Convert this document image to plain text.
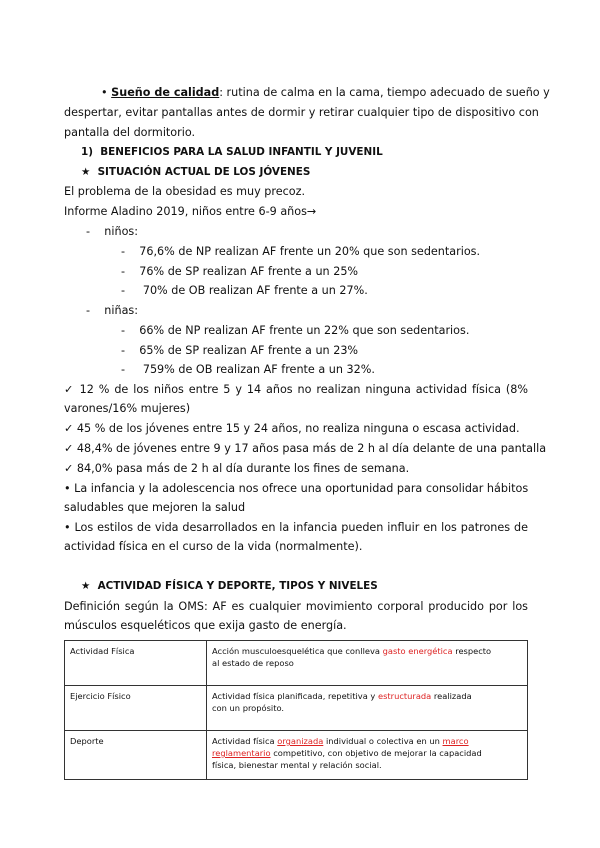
• Sueño de calidad: rutina de calma en la cama, tiempo adecuado de sueño y
despertar, evitar pantallas antes de dormir y retirar cualquier tipo de dispositivo con
pantalla del dormitorio.
1) BENEFICIOS PARA LA SALUD INFANTIL Y JUVENIL
★ SITUACIÓN ACTUAL DE LOS JÓVENES
El problema de la obesidad es muy precoz.
Informe Aladino 2019, niños entre 6-9 años→
- niños:
-    76,6% de NP realizan AF frente un 20% que son sedentarios.
-    76% de SP realizan AF frente a un 25%
-     70% de OB realizan AF frente a un 27%.
- niñas:
-    66% de NP realizan AF frente un 22% que son sedentarios.
-    65% de SP realizan AF frente a un 23%
-     759% de OB realizan AF frente a un 32%.
✓ 12 % de los niños entre 5 y 14 años no realizan ninguna actividad física (8%
varones/16% mujeres)
✓ 45 % de los jóvenes entre 15 y 24 años, no realiza ninguna o escasa actividad.
✓ 48,4% de jóvenes entre 9 y 17 años pasa más de 2 h al día delante de una pantalla
✓ 84,0% pasa más de 2 h al día durante los fines de semana.
• La infancia y la adolescencia nos ofrece una oportunidad para consolidar hábitos
saludables que mejoren la salud
• Los estilos de vida desarrollados en la infancia pueden influir en los patrones de
actividad física en el curso de la vida (normalmente).
★ ACTIVIDAD FÍSICA Y DEPORTE, TIPOS Y NIVELES
Definición según la OMS: AF es cualquier movimiento corporal producido por los
músculos esqueléticos que exija gasto de energía.
Actividad Física	Acción musculoesquelética que conlleva gasto energética respecto
al estado de reposo
Ejercicio Físico	Actividad física planificada, repetitiva y estructurada realizada
con un propósito.
Deporte	Actividad física organizada individual o colectiva en un marco
reglamentario competitivo, con objetivo de mejorar la capacidad
física, bienestar mental y relación social.
